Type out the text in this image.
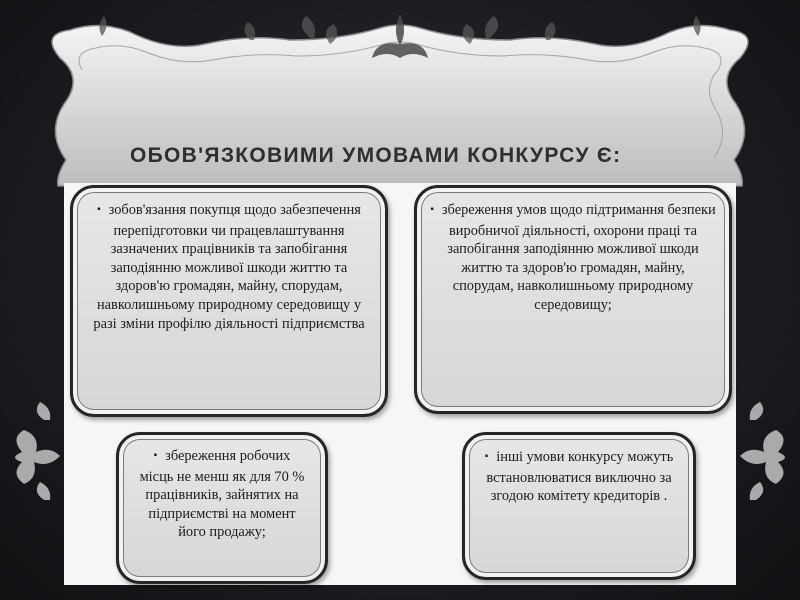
ОБОВ'ЯЗКОВИМИ УМОВАМИ КОНКУРСУ Є:
▪ зобов'язання покупця щодо забезпечення перепідготовки чи працевлаштування зазначених працівників та запобігання заподіянню можливої шкоди життю та здоров'ю громадян, майну, спорудам, навколишньому природному середовищу у разі зміни профілю діяльності підприємства
▪ збереження умов щодо підтримання безпеки виробничої діяльності, охорони праці та запобігання заподіянню можливої шкоди життю та здоров'ю громадян, майну, спорудам, навколишньому природному середовищу;
▪ збереження робочих місць не менш як для 70 % працівників, зайнятих на підприємстві на момент його продажу;
▪ інші умови конкурсу можуть встановлюватися виключно за згодою комітету кредиторів .
